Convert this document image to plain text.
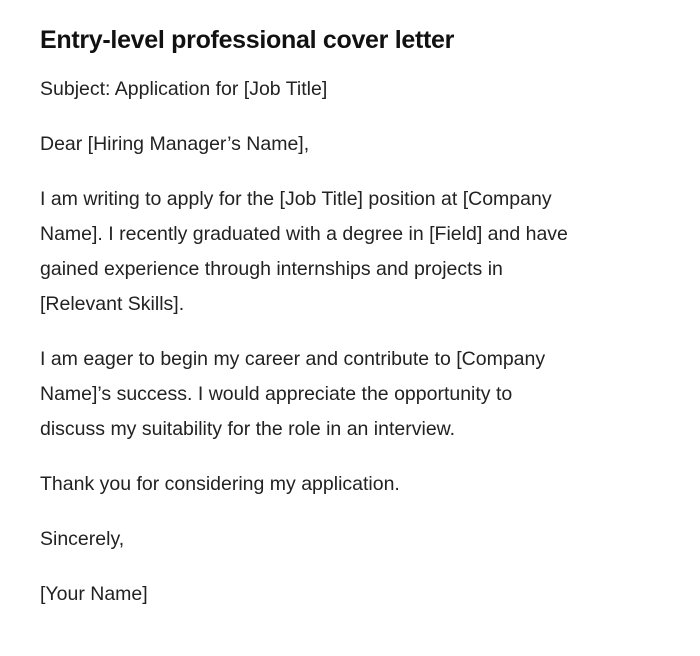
Entry-level professional cover letter

Subject: Application for [Job Title]

Dear [Hiring Manager’s Name],

I am writing to apply for the [Job Title] position at [Company
Name]. I recently graduated with a degree in [Field] and have
gained experience through internships and projects in
[Relevant Skills].

I am eager to begin my career and contribute to [Company
Name]’s success. I would appreciate the opportunity to
discuss my suitability for the role in an interview.

Thank you for considering my application.

Sincerely,

[Your Name]
